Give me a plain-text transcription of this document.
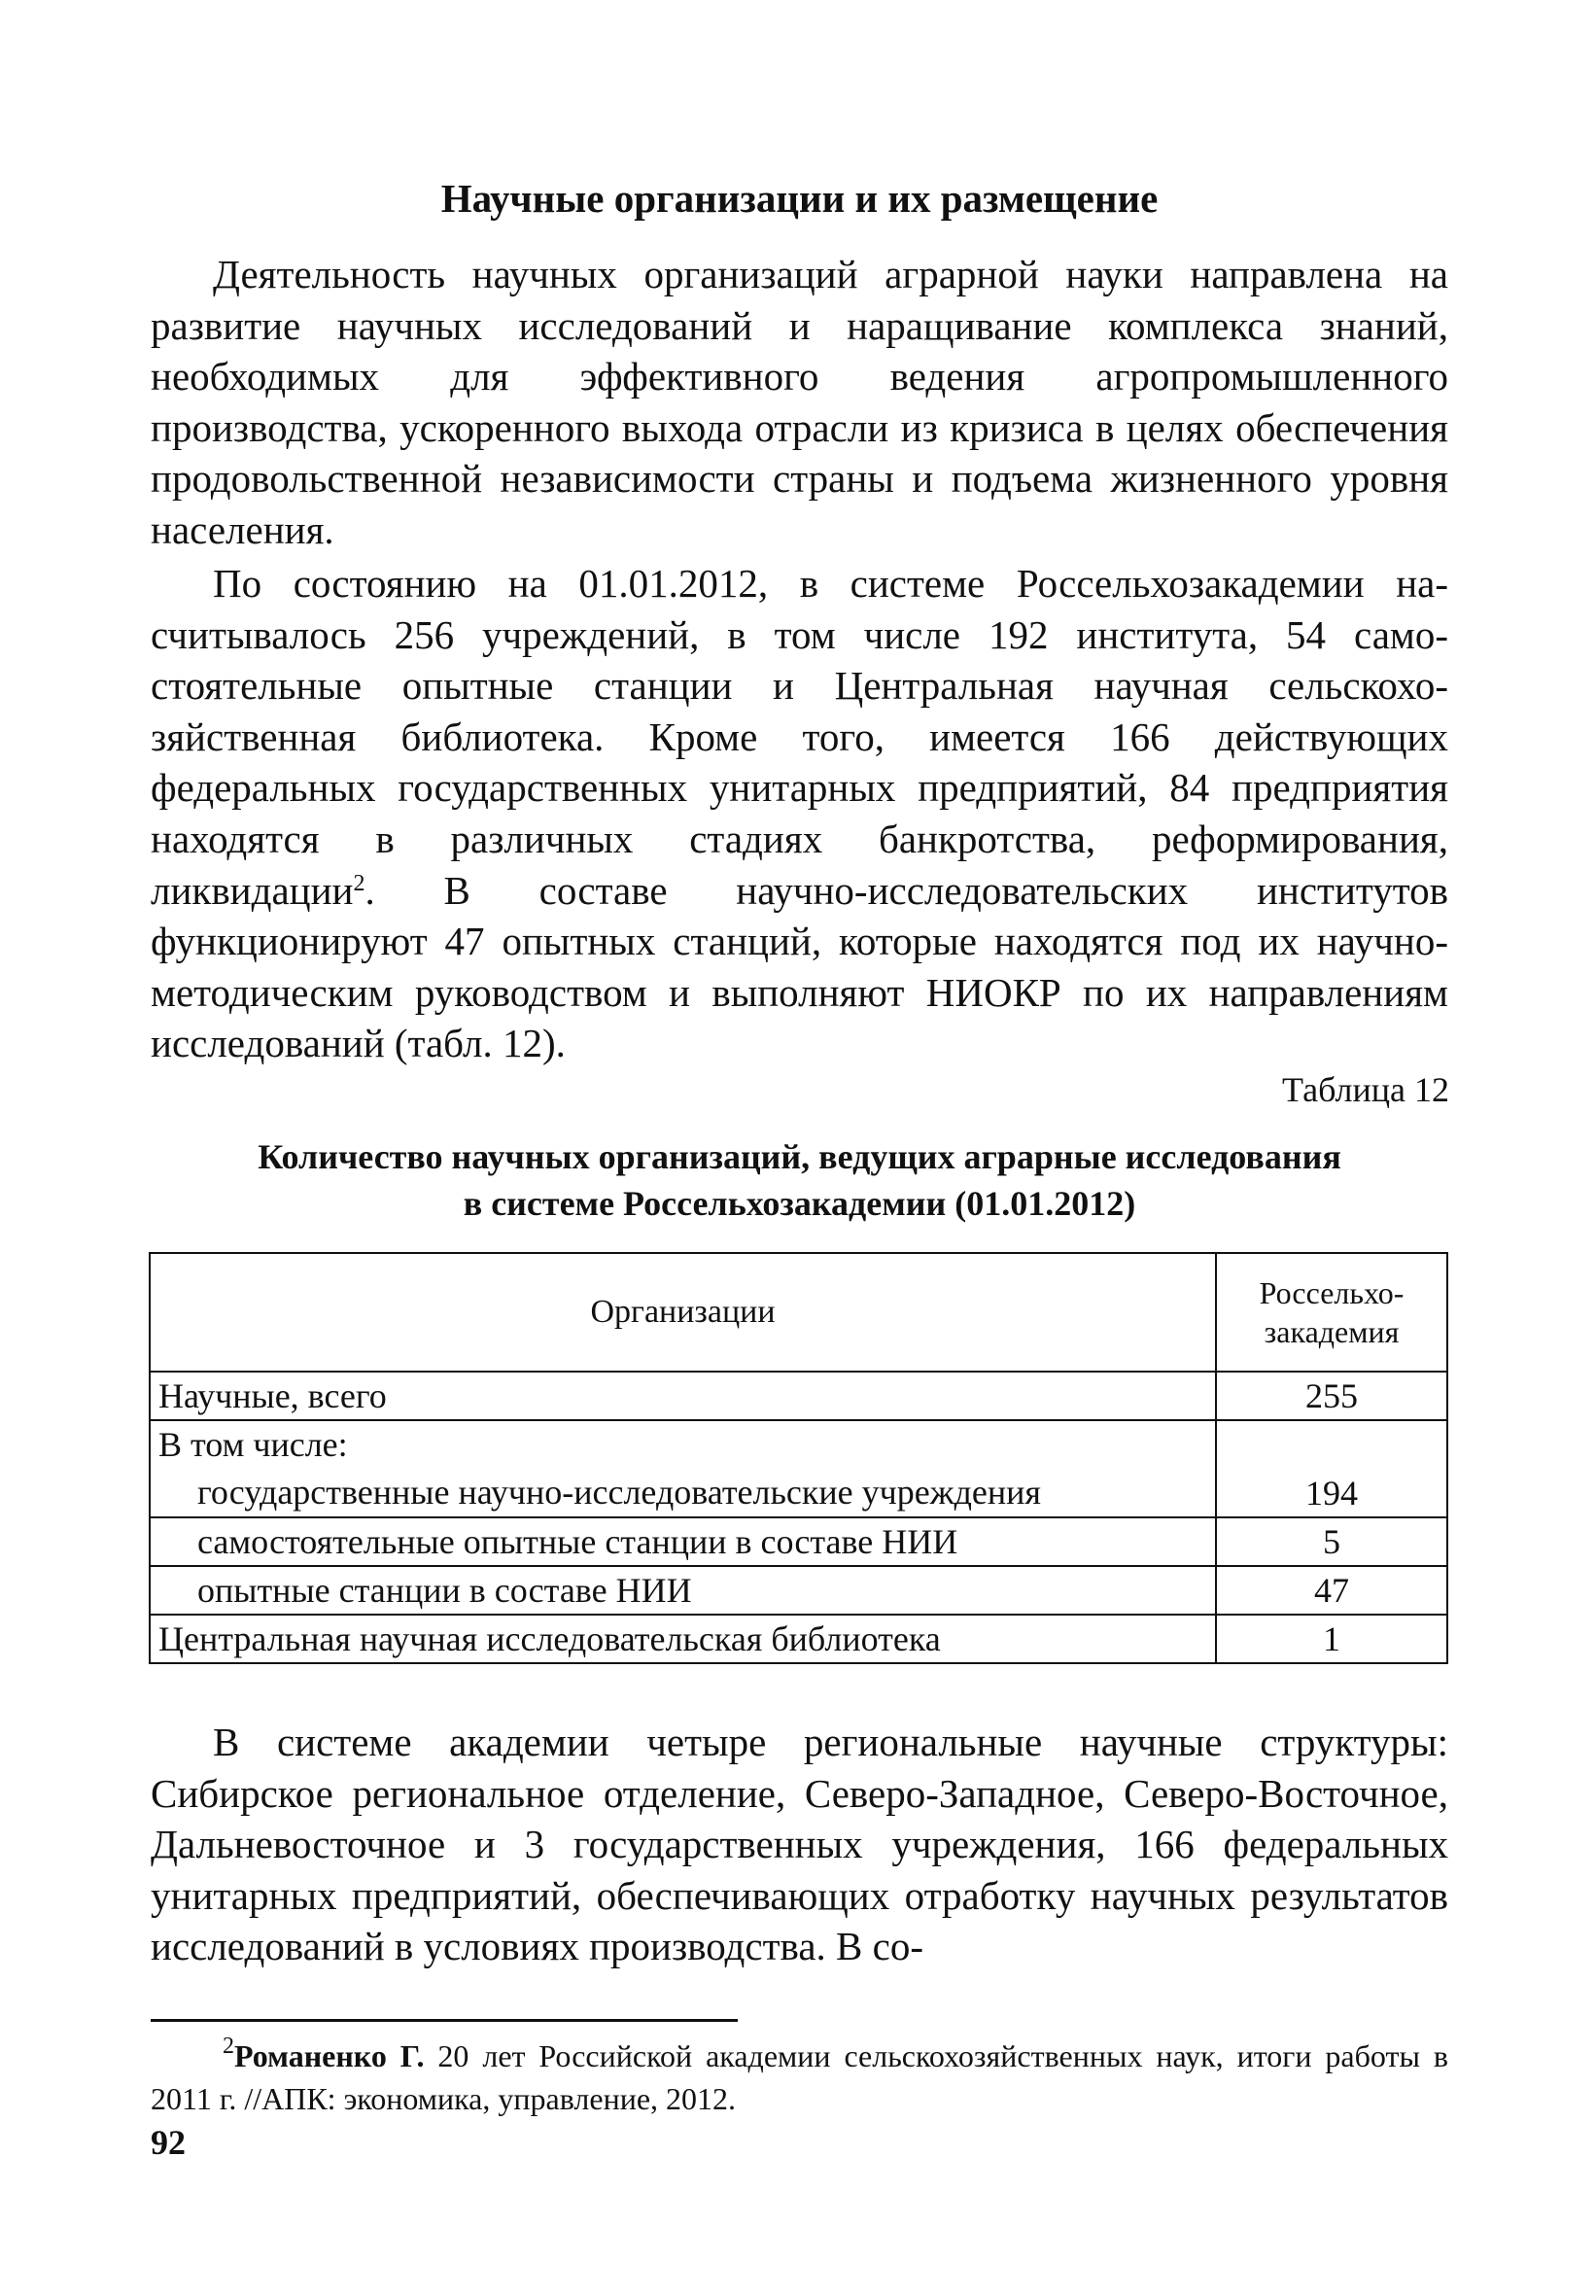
Научные организации и их размещение

Деятельность научных организаций аграрной науки направлена на развитие научных исследований и наращивание комплекса знаний, необходимых для эффективного ведения агропромышленного производства, ускоренного выхода отрасли из кризиса в целях обеспечения продовольственной независимости страны и подъема жизненного уровня населения.

По состоянию на 01.01.2012, в системе Россельхозакадемии насчитывалось 256 учреждений, в том числе 192 института, 54 самостоятельные опытные станции и Центральная научная сельскохозяйственная библиотека. Кроме того, имеется 166 действующих федеральных государственных унитарных предприятий, 84 предприятия находятся в различных стадиях банкротства, реформирования, ликвидации$^2$. В составе научно-исследовательских институтов функционируют 47 опытных станций, которые находятся под их научно-методическим руководством и выполняют НИОКР по их направлениям исследований (табл. 12).

Таблица 12

Количество научных организаций, ведущих аграрные исследования
в системе Россельхозакадемии (01.01.2012)
Организации	Россельхо-
закадемия

Научные, всего	255

В том числе:
государственные научно-исследовательские учреждения	194
самостоятельные опытные станции в составе НИИ	5
опытные станции в составе НИИ	47
Центральная научная исследовательская библиотека	1

В системе академии четыре региональные научные структуры: Сибирское региональное отделение, Северо-Западное, Северо-Восточное, Дальневосточное и 3 государственных учреждения, 166 федеральных унитарных предприятий, обеспечивающих отработку научных результатов исследований в условиях производства. В со-

$^2$Романенко Г. 20 лет Российской академии сельскохозяйственных наук, итоги работы в 2011 г. //АПК: экономика, управление, 2012.

92
